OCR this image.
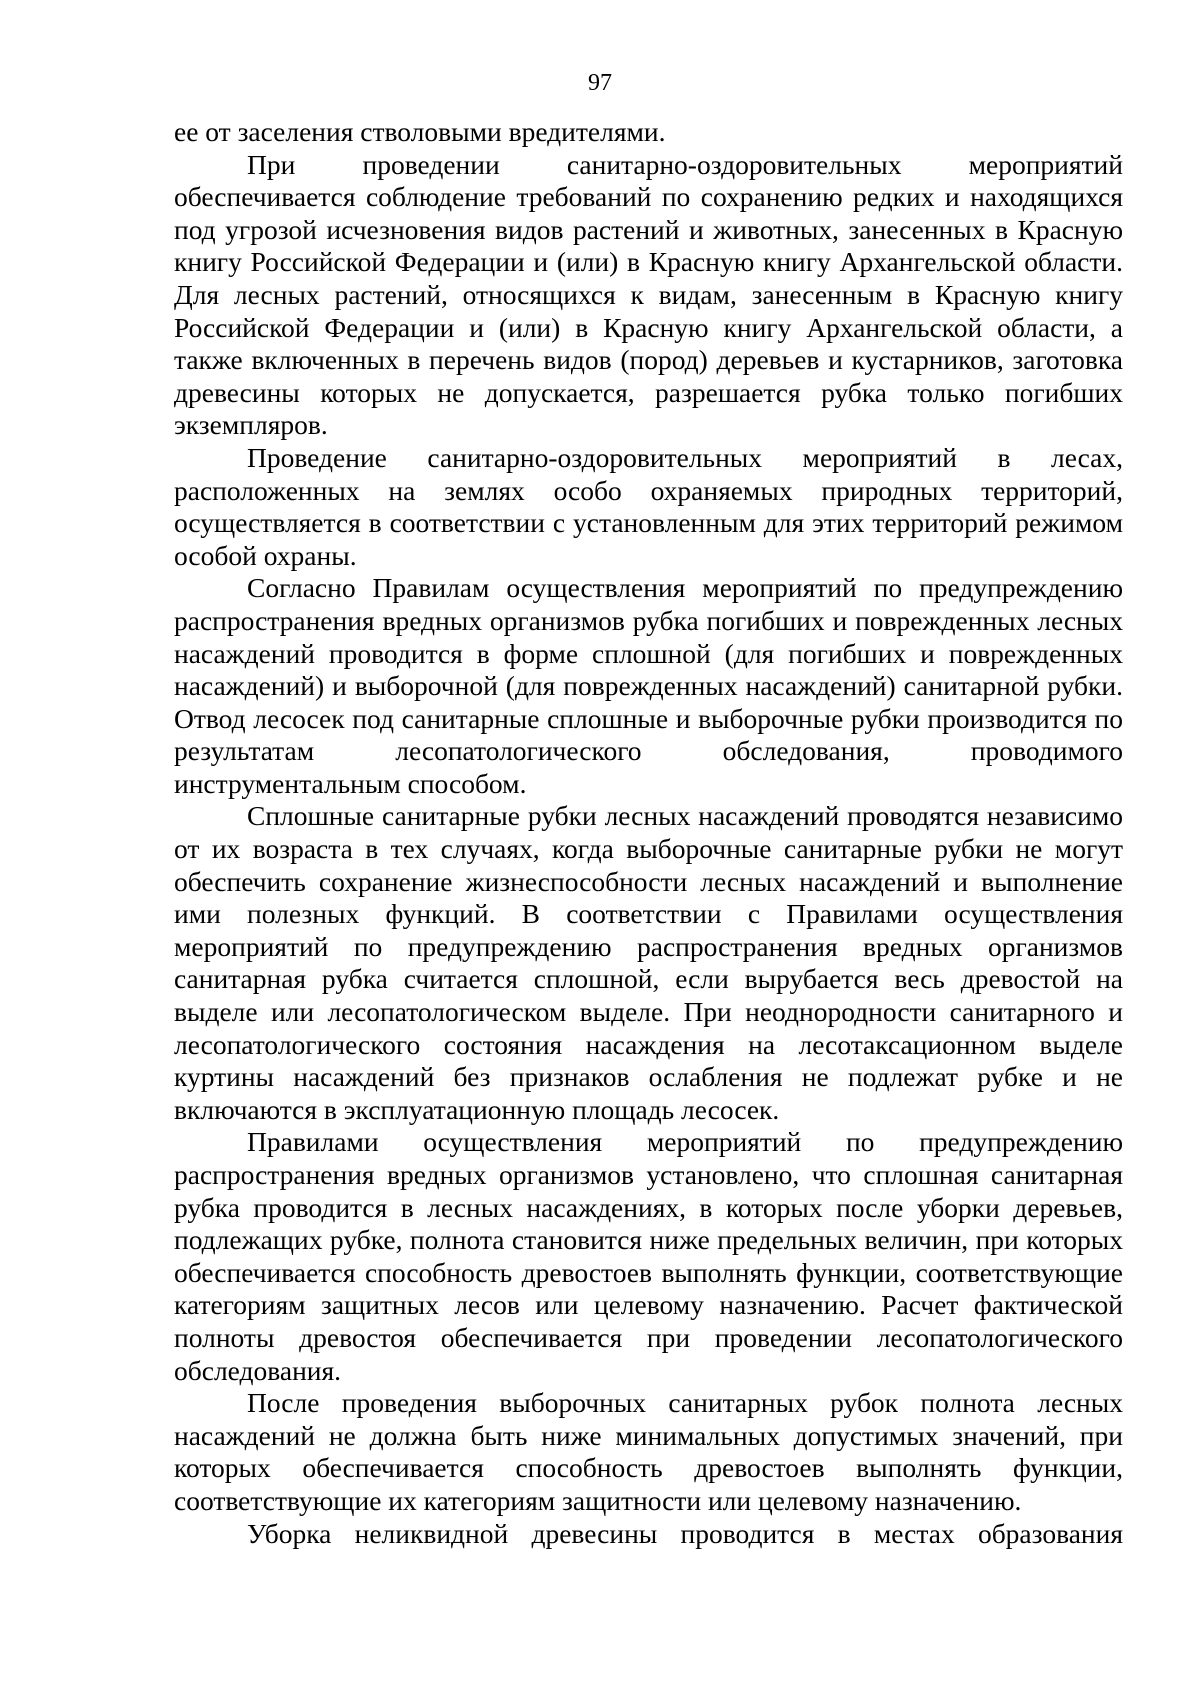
97

ее от заселения стволовыми вредителями.

При проведении санитарно-оздоровительных мероприятий обеспечивается соблюдение требований по сохранению редких и находящихся под угрозой исчезновения видов растений и животных, занесенных в Красную книгу Российской Федерации и (или) в Красную книгу Архангельской области. Для лесных растений, относящихся к видам, занесенным в Красную книгу Российской Федерации и (или) в Красную книгу Архангельской области, а также включенных в перечень видов (пород) деревьев и кустарников, заготовка древесины которых не допускается, разрешается рубка только погибших экземпляров.

Проведение санитарно-оздоровительных мероприятий в лесах, расположенных на землях особо охраняемых природных территорий, осуществляется в соответствии с установленным для этих территорий режимом особой охраны.

Согласно Правилам осуществления мероприятий по предупреждению распространения вредных организмов рубка погибших и поврежденных лесных насаждений проводится в форме сплошной (для погибших и поврежденных насаждений) и выборочной (для поврежденных насаждений) санитарной рубки. Отвод лесосек под санитарные сплошные и выборочные рубки производится по результатам лесопатологического обследования, проводимого инструментальным способом.

Сплошные санитарные рубки лесных насаждений проводятся независимо от их возраста в тех случаях, когда выборочные санитарные рубки не могут обеспечить сохранение жизнеспособности лесных насаждений и выполнение ими полезных функций. В соответствии с Правилами осуществления мероприятий по предупреждению распространения вредных организмов санитарная рубка считается сплошной, если вырубается весь древостой на выделе или лесопатологическом выделе. При неоднородности санитарного и лесопатологического состояния насаждения на лесотаксационном выделе куртины насаждений без признаков ослабления не подлежат рубке и не включаются в эксплуатационную площадь лесосек.

Правилами осуществления мероприятий по предупреждению распространения вредных организмов установлено, что сплошная санитарная рубка проводится в лесных насаждениях, в которых после уборки деревьев, подлежащих рубке, полнота становится ниже предельных величин, при которых обеспечивается способность древостоев выполнять функции, соответствующие категориям защитных лесов или целевому назначению. Расчет фактической полноты древостоя обеспечивается при проведении лесопатологического обследования.

После проведения выборочных санитарных рубок полнота лесных насаждений не должна быть ниже минимальных допустимых значений, при которых обеспечивается способность древостоев выполнять функции, соответствующие их категориям защитности или целевому назначению.

Уборка неликвидной древесины проводится в местах образования
